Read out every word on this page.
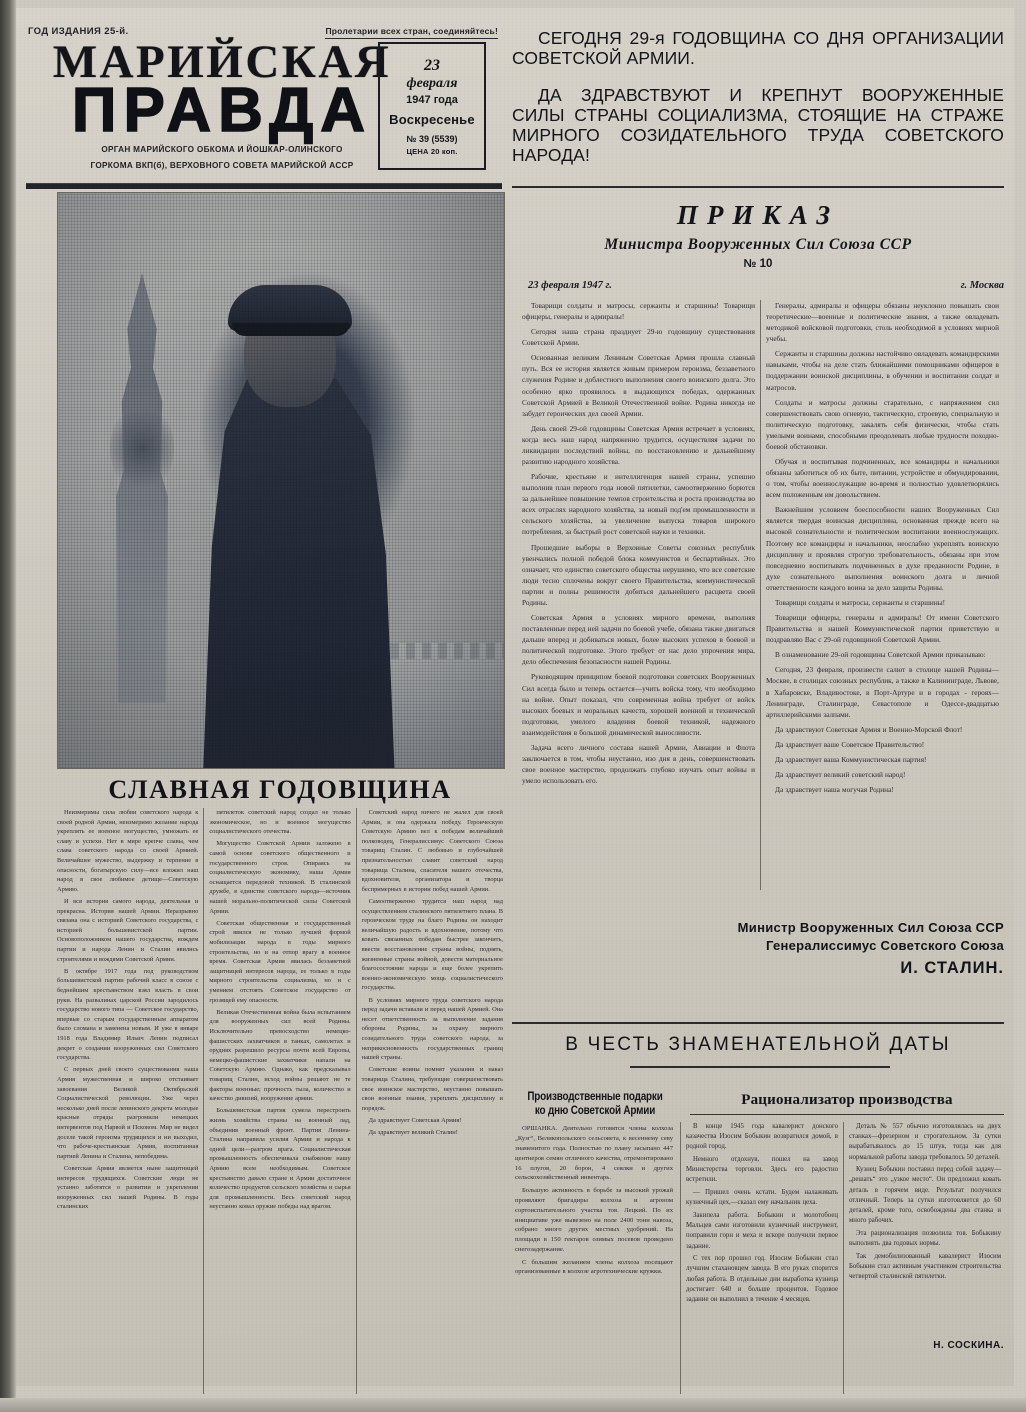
ГОД ИЗДАНИЯ 25-й.	Пролетарии всех стран, соединяйтесь!
МАРИЙСКАЯ
ПРАВДА
ОРГАН МАРИЙСКОГО ОБКОМА И ЙОШКАР-ОЛИНСКОГО
ГОРКОМА ВКП(б), ВЕРХОВНОГО СОВЕТА МАРИЙСКОЙ АССР
23
февраля
1947 года
Воскресенье
№ 39 (5539)
ЦЕНА 20 коп.
СЕГОДНЯ 29-я ГОДОВЩИНА СО ДНЯ ОРГАНИЗАЦИИ СОВЕТСКОЙ АРМИИ.
ДА ЗДРАВСТВУЮТ И КРЕПНУТ ВООРУЖЕННЫЕ СИЛЫ СТРАНЫ СОЦИАЛИЗМА, СТОЯЩИЕ НА СТРАЖЕ МИРНОГО СОЗИДАТЕЛЬНОГО ТРУДА СОВЕТСКОГО НАРОДА!
СЛАВНАЯ ГОДОВЩИНА

Неизмеримы сила любви советского народа к своей родной Армии, неизмеримо желание народа укреплять ее военное могущество, умножать ее славу и успехи. Нет в мире крепче славы, чем слава советского народа со своей Армией. Величайшее мужество, выдержку и терпение в опасности, богатырскую силу—все вложил наш народ в свое любимое детище—Советскую Армию.

И вся история самого народа, деятельная и прекрасна. История нашей Армии. Неразрывно связана она с историей Советского государства, с историей большевистской партии. Основоположником нашего государства, вождем партии и народа Ленин и Сталин явились строителями и вождями Советской Армии.

В октябре 1917 года под руководством большевистской партии рабочий класс в союзе с беднейшим крестьянством взял власть в свои руки. На развалинах царской России зародилось государство нового типа — Советское государство, впервые со старым государственным аппаратом было сломана и заменена новым. И уже в январе 1918 года Владимир Ильич Ленин подписал декрет о создании вооруженных сил Советского государства.

С первых дней своего существования наша Армия мужественная и широко отстаивает завоевания Великой Октябрьской Социалистической революции. Уже через несколько дней после ленинского декрета молодые красные отряды разгромили немецких интервентов под Нарвой и Псковом. Мир не видел доселе такой героизма трудящихся и ни выходил, что рабоче-крестьянская Армия, воспитанная партией Ленина и Сталина, непобедима.

Советская Армия является ныне защитницей интересов трудящихся. Советские люди не устанно заботятся о развитии и укреплении вооруженных сил нашей Родины. В годы сталинских

пятилеток советский народ создал не только экономическое, но и военное могущество социалистического отечества.

Могущество Советской Армии заложено в самой основе советского общественного и государственного строя. Опираясь на социалистическую экономику, наша Армия оснащается передовой техникой. В сталинской дружбе, в единстве советского народа—источник нашей морально-политической силы Советской Армии.

Советская общественная и государственный строй явился не только лучшей формой мобилизации народа в годы мирного строительства, но и на отпор врагу в военное время. Советская Армия явилась беззаветной защитницей интересов народа, ее только в годы мирного строительства социализма, но и с умением отстоять Советское государство от грозящей ему опасности.

Великая Отечественная война была испытанием для вооруженных сил всей Родины. Исключительно превосходство немецко-фашистских захватчиков в танках, самолетах и орудиях разрешило ресурсы почти всей Европы, немецко-фашистские захватчики напали на Советскую Армию. Однако, как предсказывал товарищ Сталин, исход войны решают не те факторы военные; прочность тыла, количество и качество дивизий, вооружение армии.

Большевистская партия сумела перестроить жизнь хозяйства страны на военный лад, объединив военный фронт. Партия Ленина-Сталина направила усилия Армии и народа к одной цели—разгром врага. Социалистическая промышленность обеспечивала снабжение нашу Армию всем необходимым. Советское крестьянство давало стране и Армии достаточное количество продуктов сельского хозяйства и сырья для промышленности. Весь советский народ неустанно ковал оружие победы над врагом.

Советский народ ничего не жалел для своей Армии, и она одержала победу. Героическую Советскую Армию вел к победам величайший полководец, Генералиссимус Советского Союза товарищ Сталин. С любовью и глубочайшей признательностью славит советский народ товарища Сталина, спасителя нашего отечества, вдохновителя, организатора и творца беспримерных в истории побед нашей Армии.

Самоотверженно трудится наш народ над осуществлением сталинского пятилетнего плана. В героическом труде на благо Родины он находит величайшую радость и вдохновение, потому что ковать связанных победам быстрее закончить, ввести восстановление страны войны, поднять, жизненные страны войной, довести материальное благосостояние народа и еще более укрепить военно-экономическую мощь социалистического государства.

В условиях мирного труда советского народа перед задачи вставали и перед нашей Армией. Она несет ответственность за выполнение задания обороны Родины, за охрану мирного созидательного труда советского народа, за неприкосновенность государственных границ нашей страны.

Советские воины помнят указания и наказ товарища Сталина, требующие совершенствовать свое воинское мастерство, неустанно повышать свои военные знания, укреплять дисциплину и порядок.

Да здравствует Советская Армия!

Да здравствует великий Сталин!

ПРИКАЗ
Министра Вооруженных Сил Союза ССР
№ 10
23 февраля 1947 г.	г. Москва

Товарищи солдаты и матросы, сержанты и старшины! Товарищи офицеры, генералы и адмиралы!

Сегодня наша страна празднует 29-ю годовщину существования Советской Армии.

Основанная великим Лениным Советская Армия прошла славный путь. Вся ее история является живым примером героизма, беззаветного служения Родине и доблестного выполнения своего воинского долга. Это особенно ярко проявилось в выдающихся победах, одержанных Советской Армией в Великой Отечественной войне. Родина никогда не забудет героических дел своей Армии.

День своей 29-ой годовщины Советская Армия встречает в условиях, когда весь наш народ напряженно трудится, осуществляя задачи по ликвидации последствий войны, по восстановлению и дальнейшему развитию народного хозяйства.

Рабочие, крестьяне и интеллигенция нашей страны, успешно выполнив план первого года новой пятилетки, самоотверженно борются за дальнейшее повышение темпов строительства и роста производства во всех отраслях народного хозяйства, за новый под'ем промышленности и сельского хозяйства, за увеличение выпуска товаров широкого потребления, за быстрый рост советской науки и техники.

Прошедшие выборы в Верховные Советы союзных республик увенчались полной победой блока коммунистов и беспартийных. Это означает, что единство советского общества нерушимо, что все советские люди тесно сплочены вокруг своего Правительства, коммунистической партии и полны решимости добиться дальнейшего расцвета своей Родины.

Советская Армия в условиях мирного времени, выполняя поставленные перед ней задачи по боевой учебе, обязана также двигаться дальше вперед и добиваться новых, более высоких успехов в боевой и политической подготовке. Этого требует от нас дело упрочения мира, дело обеспечения безопасности нашей Родины.

Руководящим принципом боевой подготовки советских Вооруженных Сил всегда было и теперь остается—учить войска тому, что необходимо на войне. Опыт показал, что современная война требует от войск высоких боевых и моральных качеств, хорошей военной и технической подготовки, умелого владения боевой техникой, надежного взаимодействия в большой динамической выносливости.

Задача всего личного состава нашей Армии, Авиации и Флота заключается в том, чтобы неустанно, изо дня в день, совершенствовать свое военное мастерство, продолжать глубоко изучать опыт войны и умело использовать его.

Генералы, адмиралы и офицеры обязаны неуклонно повышать свои теоретические—военные и политические знания, а также овладевать методикой войсковой подготовки, столь необходимой в условиях мирной учебы.

Сержанты и старшины должны настойчиво овладевать командирскими навыками, чтобы на деле стать ближайшими помощниками офицеров в поддержании воинской дисциплины, в обучении и воспитании солдат и матросов.

Солдаты и матросы должны старательно, с напряжением сил совершенствовать свою огневую, тактическую, строевую, специальную и политическую подготовку, закалять себя физически, чтобы стать умелыми воинами, способными преодолевать любые трудности походно-боевой обстановки.

Обучая и воспитывая подчиненных, все командиры и начальники обязаны заботиться об их быте, питании, устройстве и обмундировании, о том, чтобы военнослужащие во-время и полностью удовлетворялись всем положенным им довольствием.

Важнейшим условием боеспособности наших Вооруженных Сил является твердая воинская дисциплина, основанная прежде всего на высокой сознательности и политическом воспитании военнослужащих. Поэтому все командиры и начальники, неослабно укреплять воинскую дисциплину и проявляя строгую требовательность, обязаны при этом повседневно воспитывать подчиненных в духе преданности Родине, в духе сознательного выполнения воинского долга и личной ответственности каждого воина за дело защиты Родины.

Товарищи солдаты и матросы, сержанты и старшины!

Товарищи офицеры, генералы и адмиралы! От имени Советского Правительства и нашей Коммунистической партии приветствую и поздравляю Вас с 29-ой годовщиной Советской Армии.

В ознаменование 29-ой годовщины Советской Армии приказываю:

Сегодня, 23 февраля, произвести салют в столице нашей Родины—Москве, в столицах союзных республик, а также в Калининграде, Львове, в Хабаровске, Владивостоке, в Порт-Артуре и в городах - героях—Ленинграде, Сталинграде, Севастополе и Одессе-двадцатью артиллерийскими залпами.

Да здравствуют Советская Армия и Военно-Морской Флот!

Да здравствует ваше Советское Правительство!

Да здравствует ваша Коммунистическая партия!

Да здравствует великий советский народ!

Да здравствует наша могучая Родина!

Министр Вооруженных Сил Союза ССР
Генералиссимус Советского Союза
И. СТАЛИН.
В ЧЕСТЬ ЗНАМЕНАТЕЛЬНОЙ ДАТЫ
Производственные подарки
ко дню Советской Армии
Рационализатор производства

ОРШАНКА. Деятельно готовятся члены колхоза „Кузг“, Великопольского сельсовета, к весеннему севу знаменитого года. Полностью по плану засыпано 447 центнеров семян отличного качества, отремонтировано 16 плугов, 20 борон, 4 сеялки и других сельскохозяйственный инвентарь.

Большую активность в борьбе за высокий урожай проявляют бригадиры колхоза и агроном сортоиспытательного участка тов. Лецкий. По их инициативе уже вывезено на поле 2400 тонн навоза, собрано много других местных удобрений. На площади в 150 гектаров озимых посевов проведено снегозадержание.

С большим желанием члены колхоза посещают организованные в колхозе агротехнические кружки.

В конце 1945 года кавалерист донского казачества Изосим Бобыкин возвратился домой, в родной город.

Немного отдохнув, пошел на завод Министерства торговли. Здесь его радостно встретили.

— Пришел очень кстати. Будем налаживать кузнечный цех,—сказал ему начальник цеха.

Закипела работа. Бобыкин и молотобоец Мальцев сами изготовили кузнечный инструмент, поправили горн и меха и вскоре получили первое задание.

С тех пор прошел год. Изосим Бобыкин стал лучшим стахановцем завода. В его руках спорится любая работа. В отдельные дни выработка кузнеца достигает 640 и больше процентов. Годовое задание он выполнил в течение 4 месяцев.

Деталь № 557 обычно изготовлялась на двух станках—фрезерном и строгательном. За сутки вырабатывалось до 15 штук, тогда как для нормальной работы завода требовалось 50 деталей.

Кузнец Бобыкин поставил перед собой задачу—„решать“ это „узкое место“. Он предложил ковать деталь в горячем виде. Результат получился отличный. Теперь за сутки изготовляется до 60 деталей, кроме того, освобождены два станка и много рабочих.

Эта рационализация позволила тов. Бобыкину выполнять два годовых нормы.

Так демобилизованный кавалерист Изосим Бобыкин стал активным участником строительства четвертой сталинской пятилетки.

Н. СОСКИНА.
